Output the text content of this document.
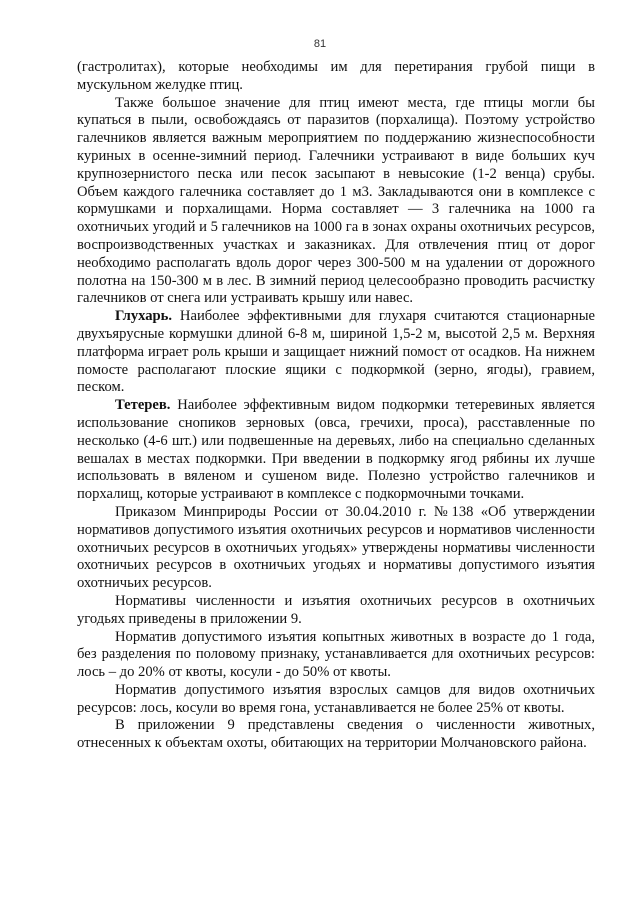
81

(гастролитах), которые необходимы им для перетирания грубой пищи в мускульном желудке птиц.

Также большое значение для птиц имеют места, где птицы могли бы купаться в пыли, освобождаясь от паразитов (порхалища). Поэтому устройство галечников является важным мероприятием по поддержанию жизнеспособности куриных в осенне-зимний период. Галечники устраивают в виде больших куч крупнозернистого песка или песок засыпают в невысокие (1-2 венца) срубы. Объем каждого галечника составляет до 1 м3. Закладываются они в комплексе с кормушками и порхалищами. Норма составляет — 3 галечника на 1000 га охотничьих угодий и 5 галечников на 1000 га в зонах охраны охотничьих ресурсов, воспроизводственных участках и заказниках. Для отвлечения птиц от дорог необходимо располагать вдоль дорог через 300-500 м на удалении от дорожного полотна на 150-300 м в лес. В зимний период целесообразно проводить расчистку галечников от снега или устраивать крышу или навес.

Глухарь. Наиболее эффективными для глухаря считаются стационарные двухъярусные кормушки длиной 6-8 м, шириной 1,5-2 м, высотой 2,5 м. Верхняя платформа играет роль крыши и защищает нижний помост от осадков. На нижнем помосте располагают плоские ящики с подкормкой (зерно, ягоды), гравием, песком.

Тетерев. Наиболее эффективным видом подкормки тетеревиных является использование снопиков зерновых (овса, гречихи, проса), расставленные по несколько (4-6 шт.) или подвешенные на деревьях, либо на специально сделанных вешалах в местах подкормки. При введении в подкормку ягод рябины их лучше использовать в вяленом и сушеном виде. Полезно устройство галечников и порхалищ, которые устраивают в комплексе с подкормочными точками.

Приказом Минприроды России от 30.04.2010 г. №138 «Об утверждении нормативов допустимого изъятия охотничьих ресурсов и нормативов численности охотничьих ресурсов в охотничьих угодьях» утверждены нормативы численности охотничьих ресурсов в охотничьих угодьях и нормативы допустимого изъятия охотничьих ресурсов.

Нормативы численности и изъятия охотничьих ресурсов в охотничьих угодьях приведены в приложении 9.

Норматив допустимого изъятия копытных животных в возрасте до 1 года, без разделения по половому признаку, устанавливается для охотничьих ресурсов: лось – до 20% от квоты, косули - до 50% от квоты.

Норматив допустимого изъятия взрослых самцов для видов охотничьих ресурсов: лось, косули во время гона, устанавливается не более 25% от квоты.

В приложении 9 представлены сведения о численности животных, отнесенных к объектам охоты, обитающих на территории Молчановского района.
